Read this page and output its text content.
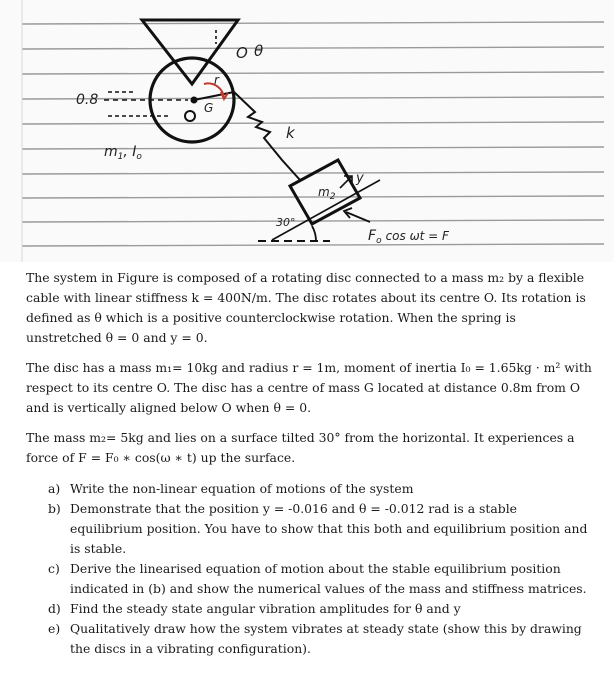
0.8
$m_1$, $I_o$
O θ
r
G
k
y
$m_2$
30°
$F_o$ cos ωt = F

The system in Figure is composed of a rotating disc connected to a mass m₂ by a flexible cable with linear stiffness k = 400N/m. The disc rotates about its centre O. Its rotation is defined as θ which is a positive counterclockwise rotation. When the spring is unstretched θ = 0 and y = 0.

The disc has a mass m₁= 10kg and radius r = 1m, moment of inertia I₀ = 1.65kg · m² with respect to its centre O. The disc has a centre of mass G located at distance 0.8m from O and is vertically aligned below O when θ = 0.

The mass m₂= 5kg and lies on a surface tilted 30° from the horizontal. It experiences a force of F = F₀ ∗ cos(ω ∗ t) up the surface.

a) Write the non-linear equation of motions of the system
b) Demonstrate that the position y = -0.016 and θ = -0.012 rad is a stable equilibrium position. You have to show that this both and equilibrium position and is stable.
c) Derive the linearised equation of motion about the stable equilibrium position indicated in (b) and show the numerical values of the mass and stiffness matrices.
d) Find the steady state angular vibration amplitudes for θ and y
e) Qualitatively draw how the system vibrates at steady state (show this by drawing the discs in a vibrating configuration).
